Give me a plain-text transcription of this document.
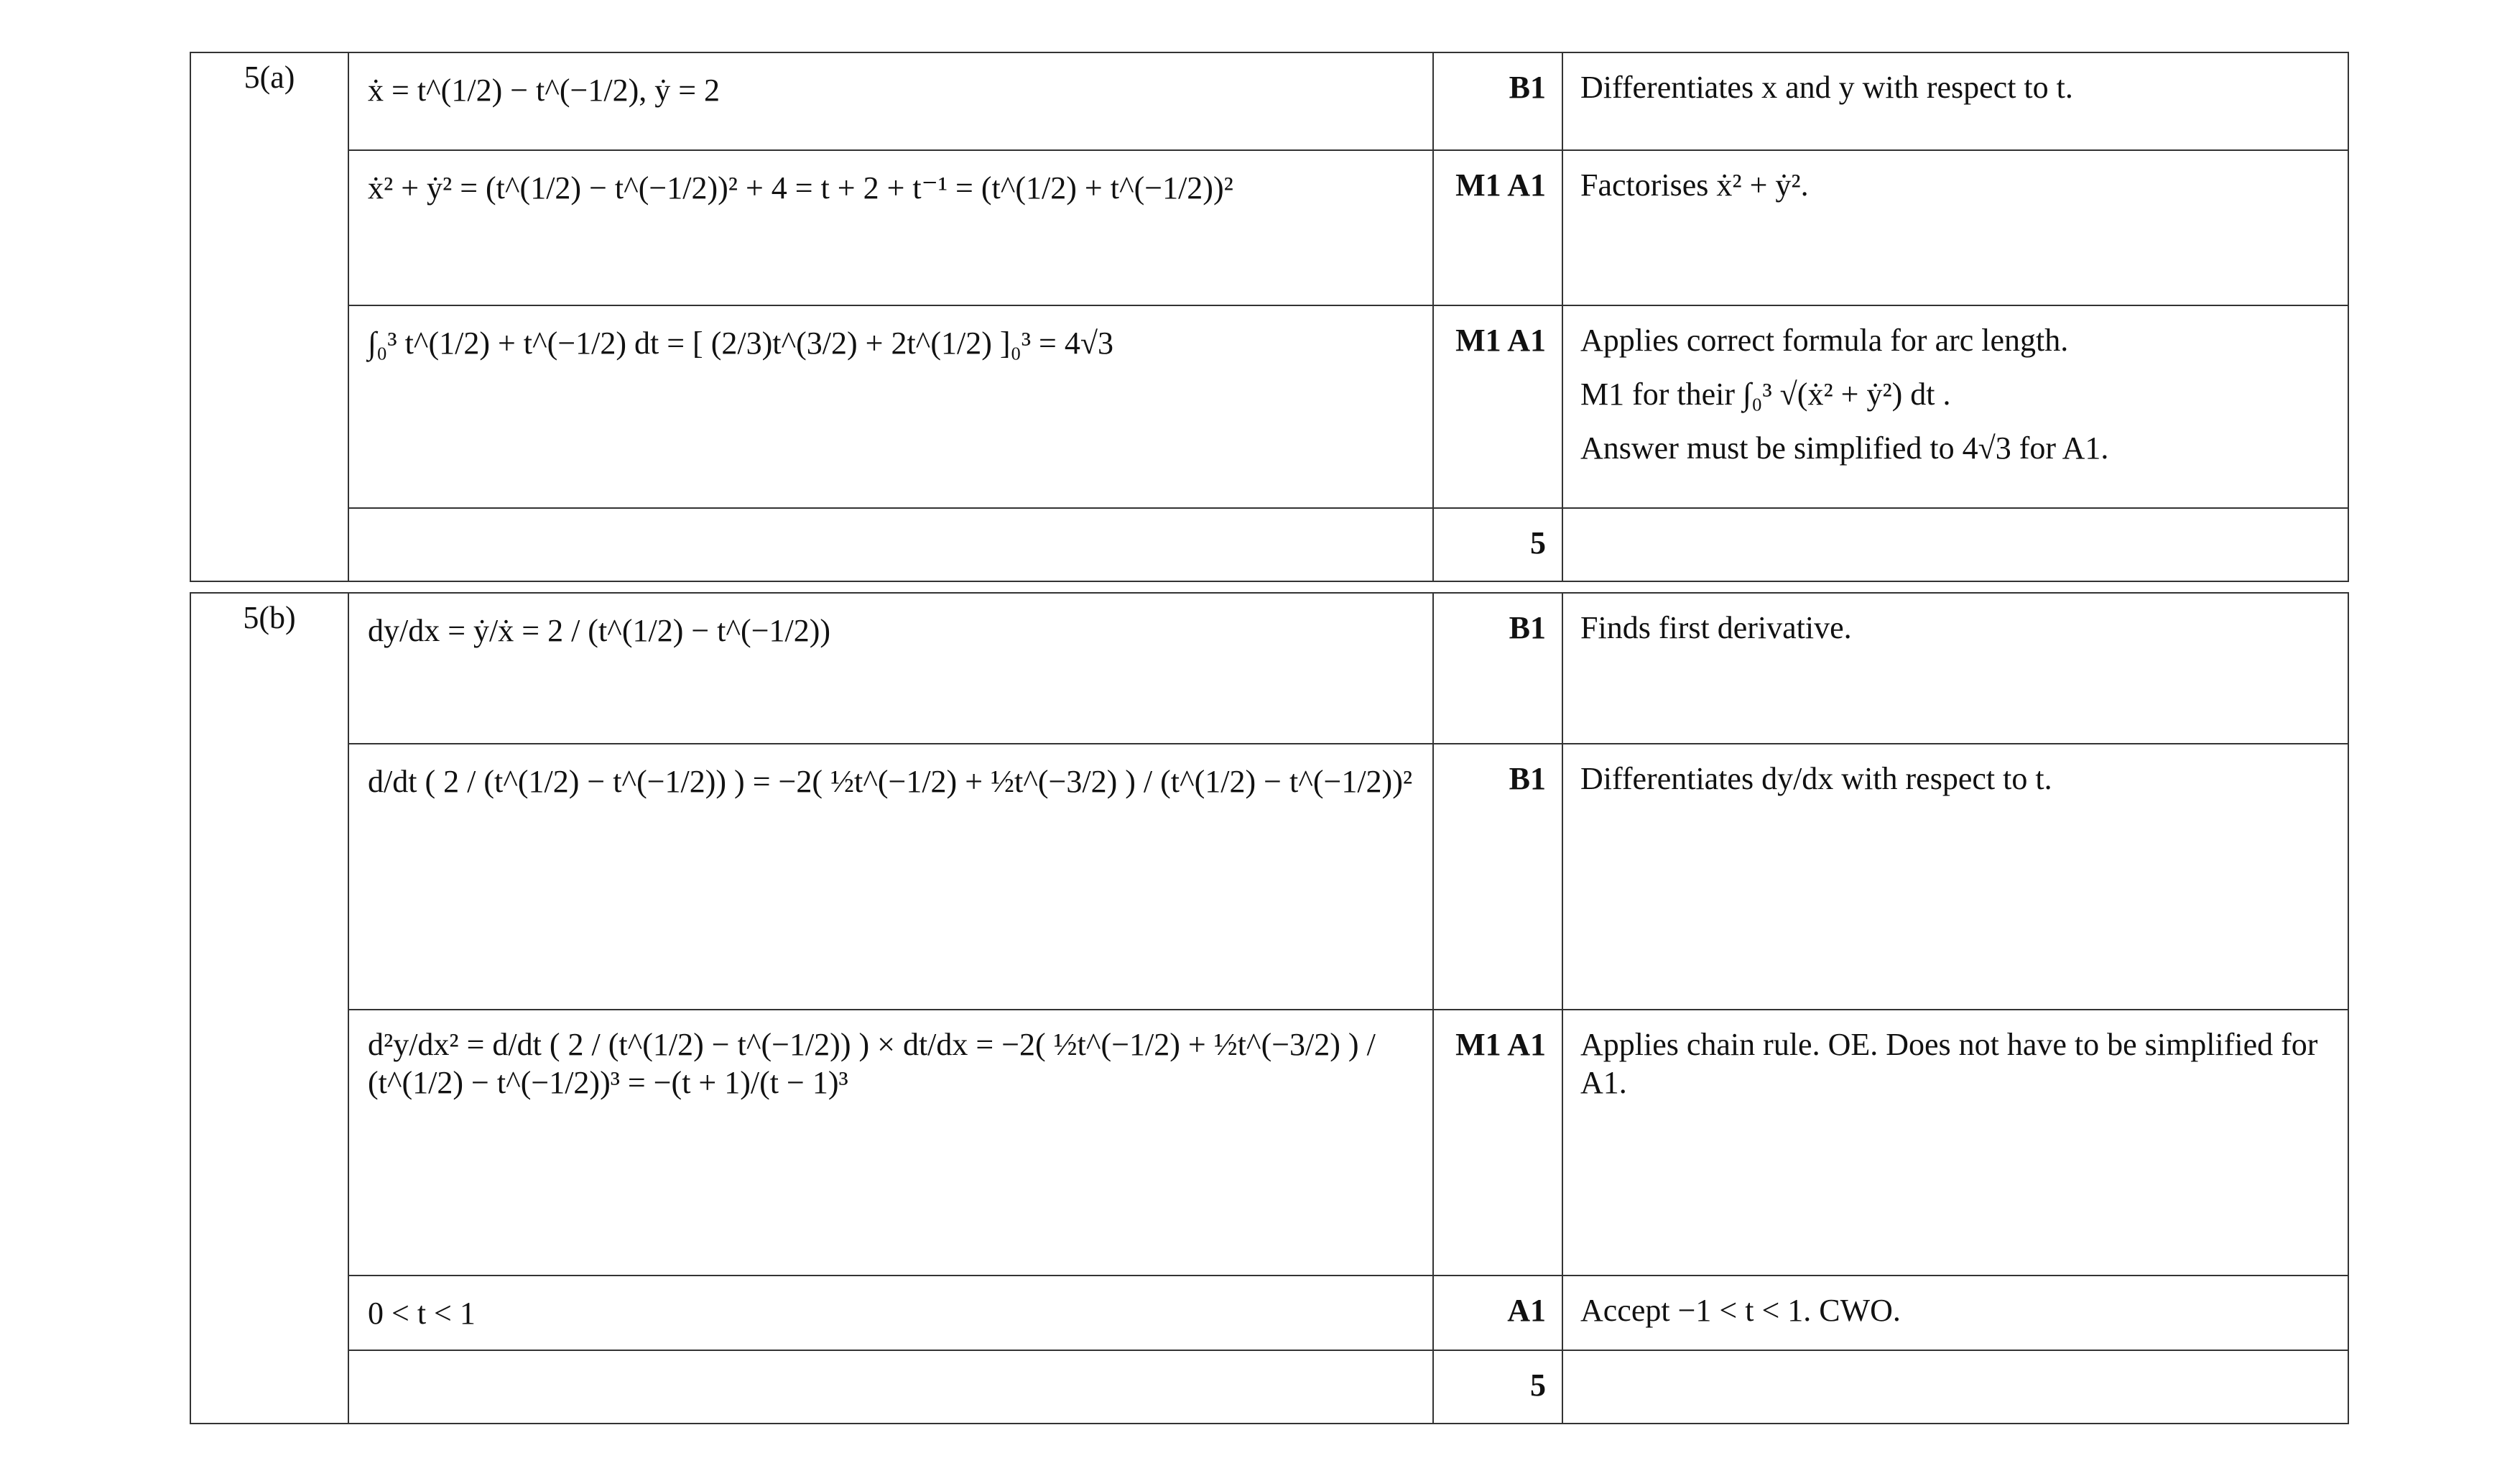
5(a)	ẋ = t^(1/2) − t^(−1/2), ẏ = 2	B1	Differentiates x and y with respect to t.
	ẋ² + ẏ² = (t^(1/2) − t^(−1/2))² + 4 = t + 2 + t⁻¹ = (t^(1/2) + t^(−1/2))²	M1 A1	Factorises ẋ² + ẏ².
	∫₀³ t^(1/2) + t^(−1/2) dt = [ (2/3)t^(3/2) + 2t^(1/2) ]₀³ = 4√3	M1 A1	Applies correct formula for arc length.
M1 for their ∫₀³ √(ẋ² + ẏ²) dt .
Answer must be simplified to 4√3 for A1.

		5	

5(b)	dy/dx = ẏ/ẋ = 2 / (t^(1/2) − t^(−1/2))	B1	Finds first derivative.
	d/dt ( 2 / (t^(1/2) − t^(−1/2)) ) = −2( ½t^(−1/2) + ½t^(−3/2) ) / (t^(1/2) − t^(−1/2))²	B1	Differentiates dy/dx with respect to t.
	d²y/dx² = d/dt ( 2 / (t^(1/2) − t^(−1/2)) ) × dt/dx = −2( ½t^(−1/2) + ½t^(−3/2) ) / (t^(1/2) − t^(−1/2))³ = −(t + 1)/(t − 1)³	M1 A1	Applies chain rule. OE. Does not have to be simplified for A1.
	0 < t < 1	A1	Accept −1 < t < 1. CWO.
		5	
